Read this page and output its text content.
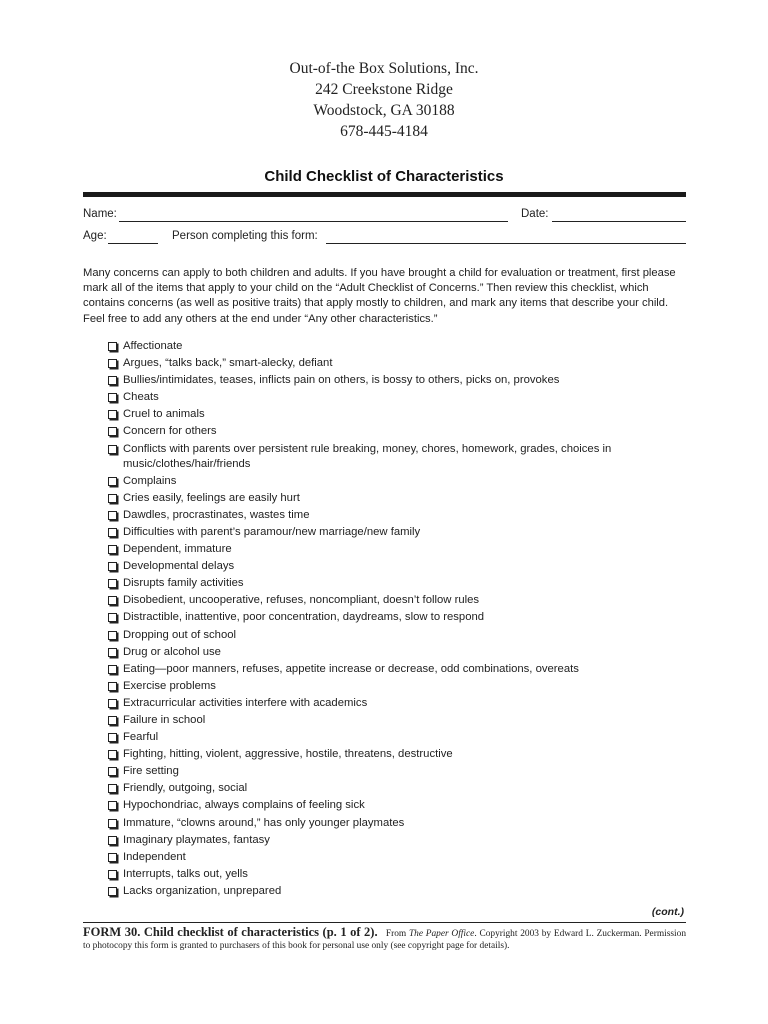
Out-of-the Box Solutions, Inc.
242 Creekstone Ridge
Woodstock, GA 30188
678-445-4184
Child Checklist of Characteristics
Name:	Date:
Age:	Person completing this form:
Many concerns can apply to both children and adults. If you have brought a child for evaluation or treatment, first please mark all of the items that apply to your child on the “Adult Checklist of Concerns.” Then review this checklist, which contains concerns (as well as positive traits) that apply mostly to children, and mark any items that describe your child. Feel free to add any others at the end under “Any other characteristics.”
Affectionate
Argues, “talks back,” smart-alecky, defiant
Bullies/intimidates, teases, inflicts pain on others, is bossy to others, picks on, provokes
Cheats
Cruel to animals
Concern for others
Conflicts with parents over persistent rule breaking, money, chores, homework, grades, choices in music/clothes/hair/friends
Complains
Cries easily, feelings are easily hurt
Dawdles, procrastinates, wastes time
Difficulties with parent’s paramour/new marriage/new family
Dependent, immature
Developmental delays
Disrupts family activities
Disobedient, uncooperative, refuses, noncompliant, doesn’t follow rules
Distractible, inattentive, poor concentration, daydreams, slow to respond
Dropping out of school
Drug or alcohol use
Eating—poor manners, refuses, appetite increase or decrease, odd combinations, overeats
Exercise problems
Extracurricular activities interfere with academics
Failure in school
Fearful
Fighting, hitting, violent, aggressive, hostile, threatens, destructive
Fire setting
Friendly, outgoing, social
Hypochondriac, always complains of feeling sick
Immature, “clowns around,” has only younger playmates
Imaginary playmates, fantasy
Independent
Interrupts, talks out, yells
Lacks organization, unprepared
(cont.)
FORM 30. Child checklist of characteristics (p. 1 of 2). From The Paper Office. Copyright 2003 by Edward L. Zuckerman. Permission to photocopy this form is granted to purchasers of this book for personal use only (see copyright page for details).
